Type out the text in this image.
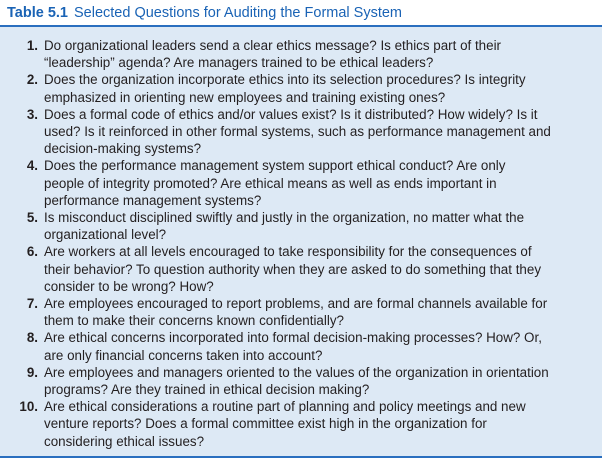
Table 5.1 Selected Questions for Auditing the Formal System
1. Do organizational leaders send a clear ethics message? Is ethics part of their
“leadership” agenda? Are managers trained to be ethical leaders?
2. Does the organization incorporate ethics into its selection procedures? Is integrity
emphasized in orienting new employees and training existing ones?
3. Does a formal code of ethics and/or values exist? Is it distributed? How widely? Is it
used? Is it reinforced in other formal systems, such as performance management and
decision-making systems?
4. Does the performance management system support ethical conduct? Are only
people of integrity promoted? Are ethical means as well as ends important in
performance management systems?
5. Is misconduct disciplined swiftly and justly in the organization, no matter what the
organizational level?
6. Are workers at all levels encouraged to take responsibility for the consequences of
their behavior? To question authority when they are asked to do something that they
consider to be wrong? How?
7. Are employees encouraged to report problems, and are formal channels available for
them to make their concerns known confidentially?
8. Are ethical concerns incorporated into formal decision-making processes? How? Or,
are only financial concerns taken into account?
9. Are employees and managers oriented to the values of the organization in orientation
programs? Are they trained in ethical decision making?
10. Are ethical considerations a routine part of planning and policy meetings and new
venture reports? Does a formal committee exist high in the organization for
considering ethical issues?
